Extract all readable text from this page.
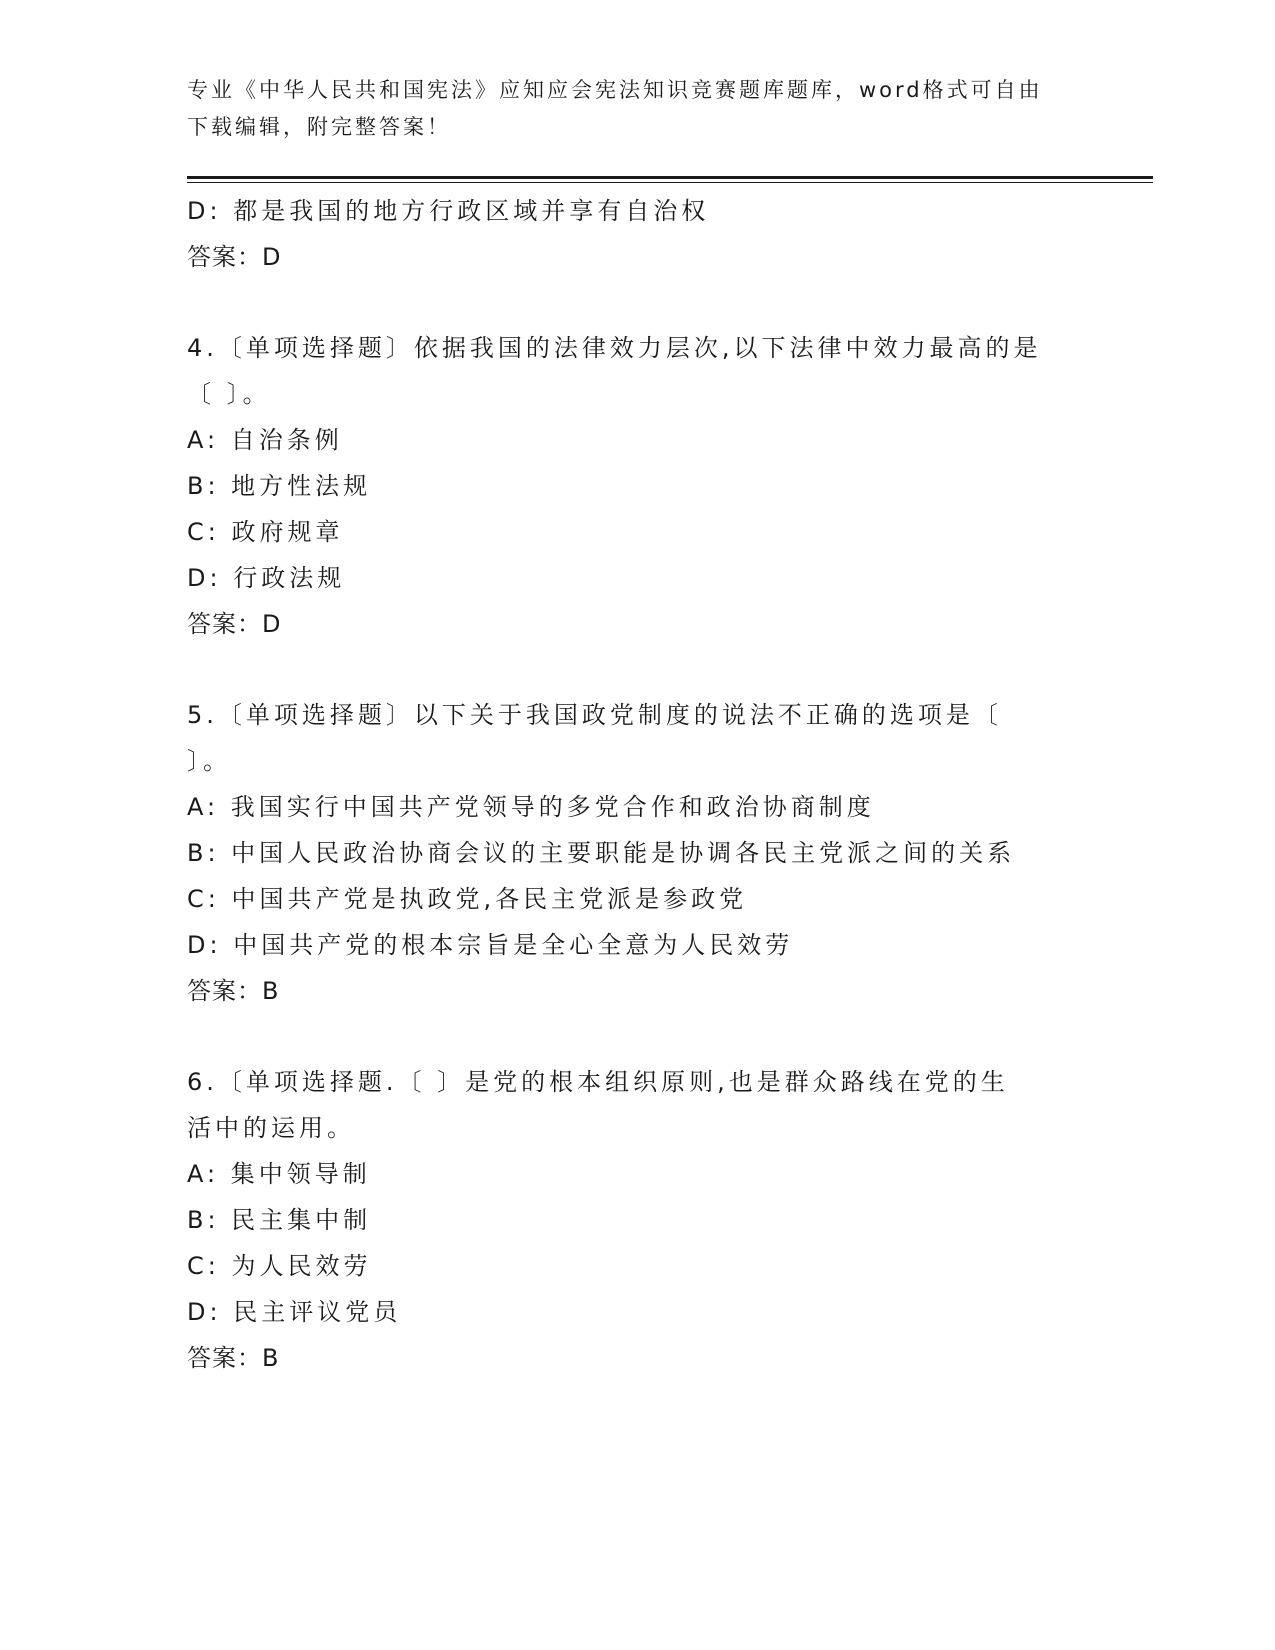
专业《中华人民共和国宪法》应知应会宪法知识竞赛题库题库，word格式可自由
下载编辑，附完整答案！
D: 都是我国的地方行政区域并享有自治权
答案：D
4.〔单项选择题〕依据我国的法律效力层次,以下法律中效力最高的是
〔 〕。
A: 自治条例
B: 地方性法规
C: 政府规章
D: 行政法规
答案：D
5.〔单项选择题〕以下关于我国政党制度的说法不正确的选项是〔
〕。
A: 我国实行中国共产党领导的多党合作和政治协商制度
B: 中国人民政治协商会议的主要职能是协调各民主党派之间的关系
C: 中国共产党是执政党,各民主党派是参政党
D: 中国共产党的根本宗旨是全心全意为人民效劳
答案：B
6.〔单项选择题.〔 〕是党的根本组织原则,也是群众路线在党的生
活中的运用。
A: 集中领导制
B: 民主集中制
C: 为人民效劳
D: 民主评议党员
答案：B
